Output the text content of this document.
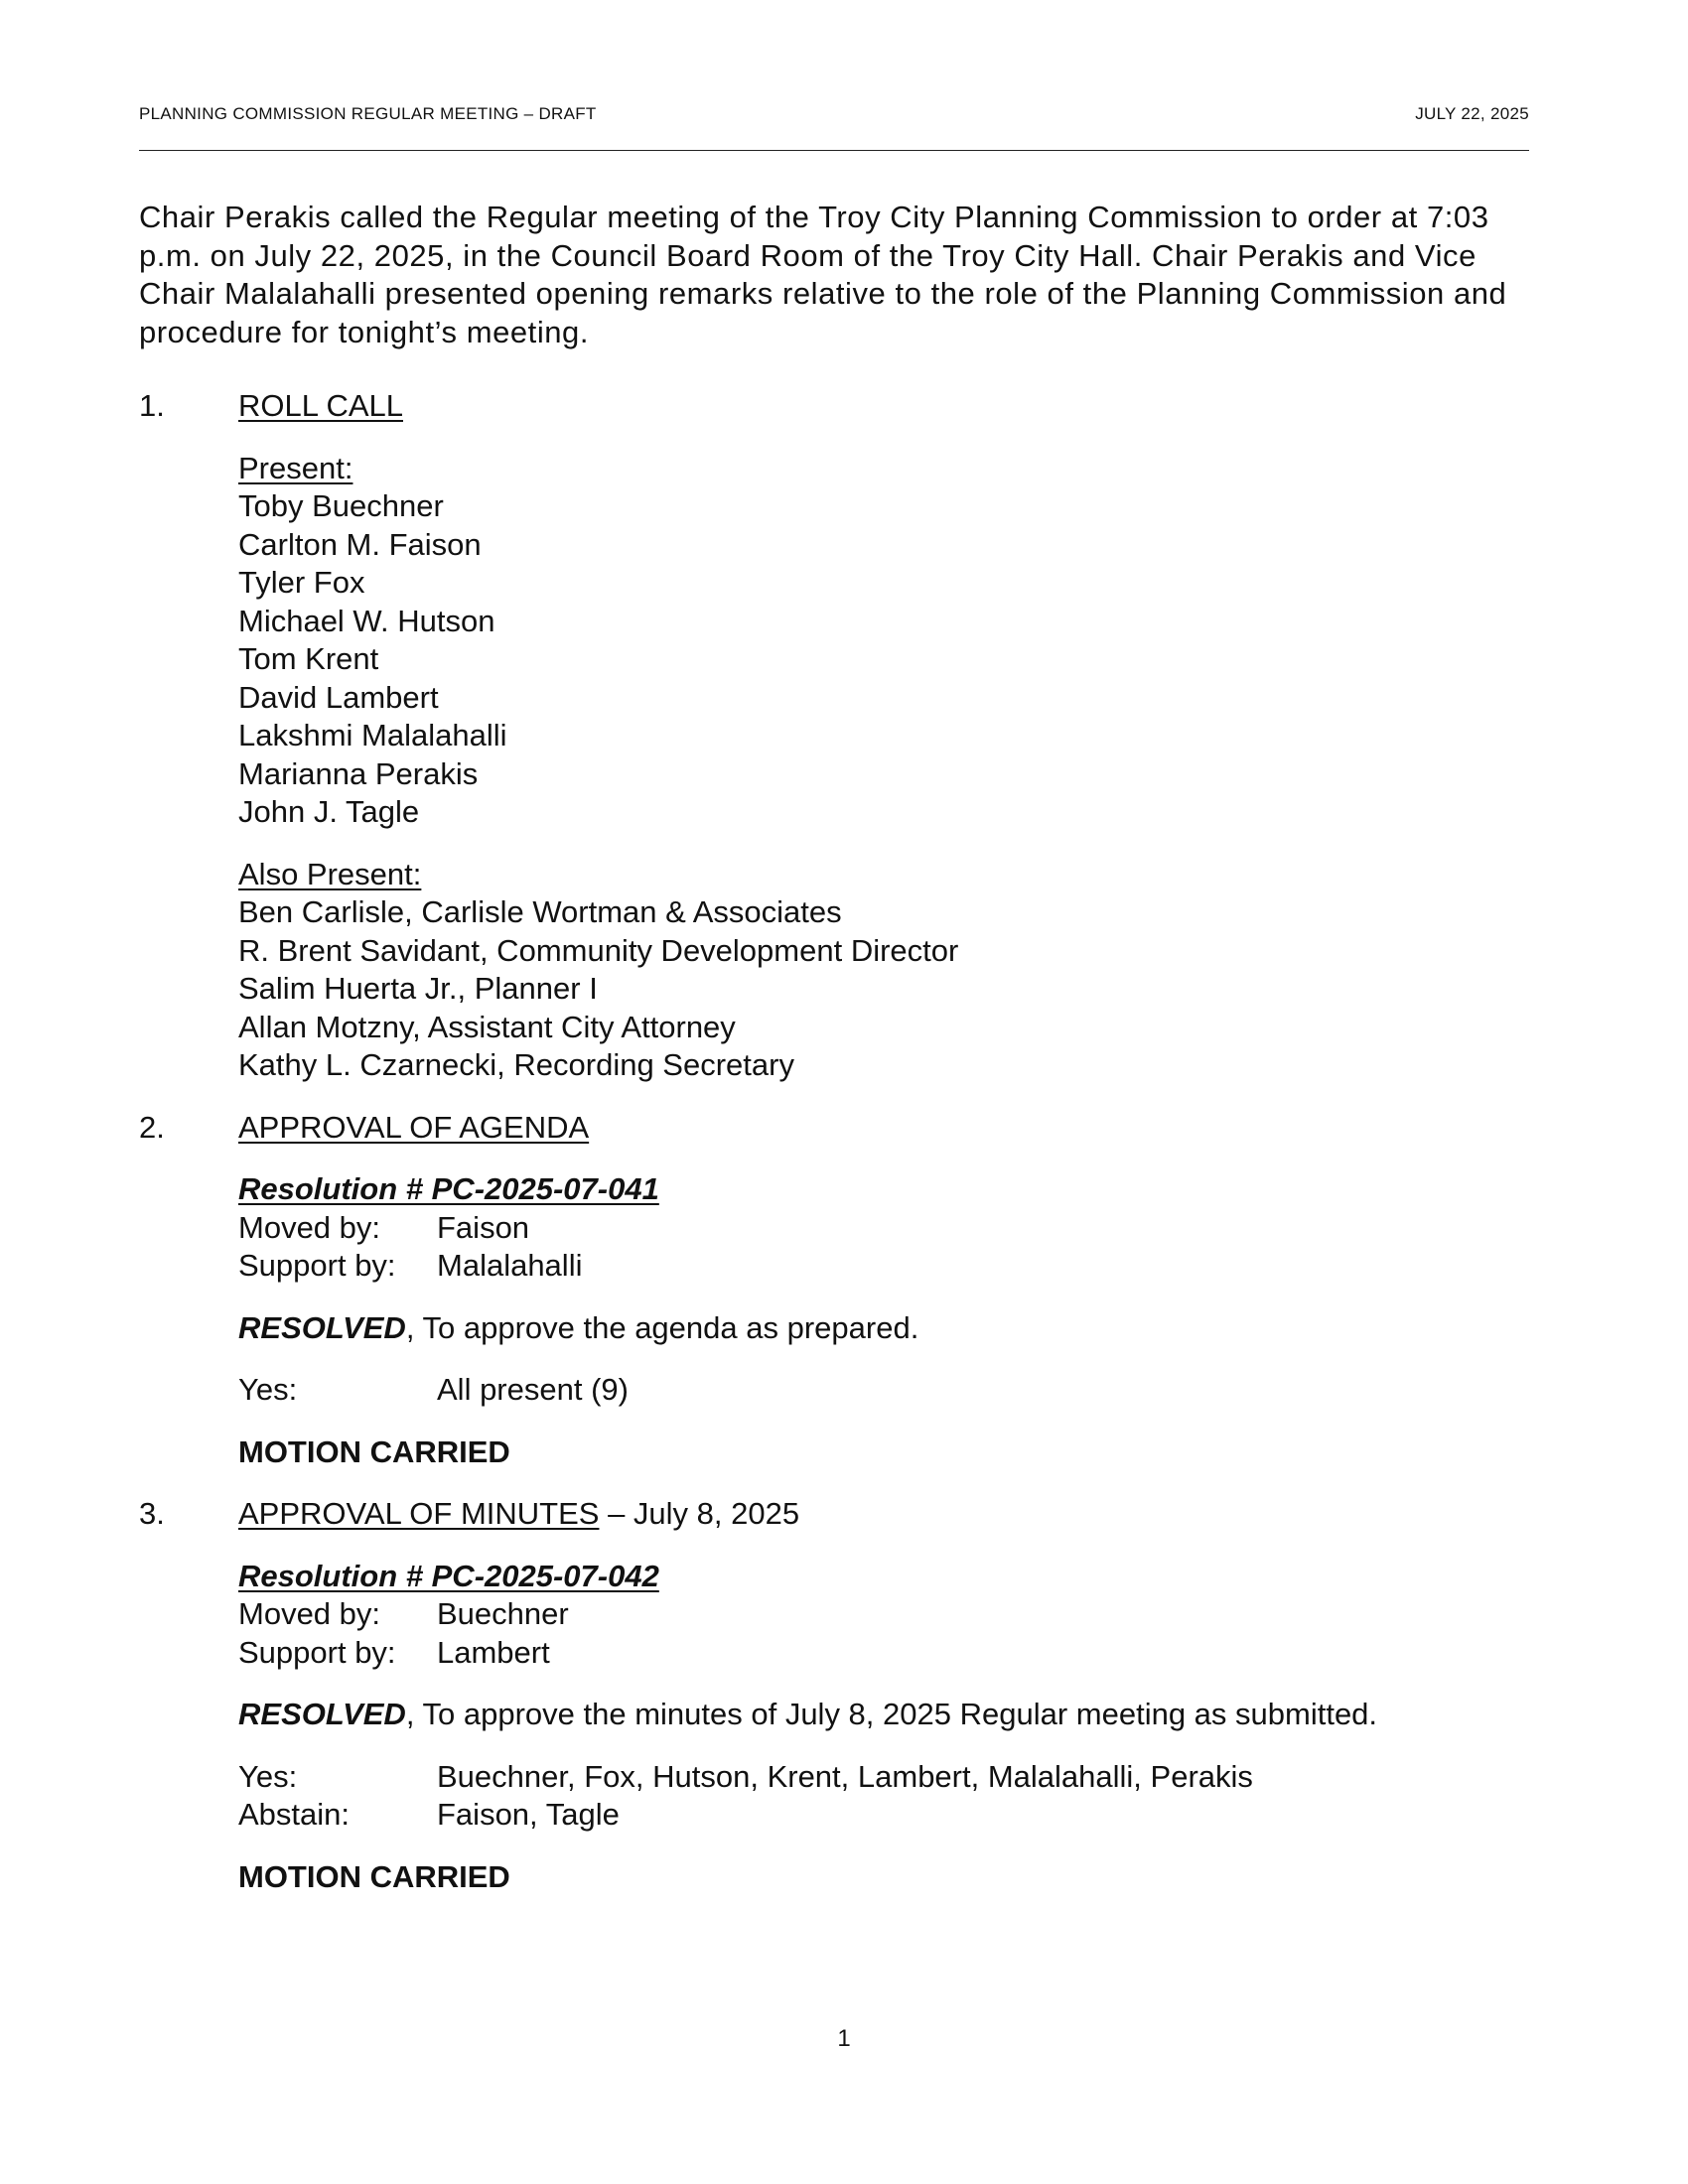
PLANNING COMMISSION REGULAR MEETING – DRAFT	JULY 22, 2025

Chair Perakis called the Regular meeting of the Troy City Planning Commission to order at 7:03 p.m. on July 22, 2025, in the Council Board Room of the Troy City Hall. Chair Perakis and Vice Chair Malalahalli presented opening remarks relative to the role of the Planning Commission and procedure for tonight’s meeting.

1. ROLL CALL
Present:
Toby Buechner
Carlton M. Faison
Tyler Fox
Michael W. Hutson
Tom Krent
David Lambert
Lakshmi Malalahalli
Marianna Perakis
John J. Tagle
Also Present:
Ben Carlisle, Carlisle Wortman & Associates
R. Brent Savidant, Community Development Director
Salim Huerta Jr., Planner I
Allan Motzny, Assistant City Attorney
Kathy L. Czarnecki, Recording Secretary
2. APPROVAL OF AGENDA
Resolution # PC-2025-07-041
Moved by:	Faison
Support by:	Malalahalli
RESOLVED, To approve the agenda as prepared.
Yes:	All present (9)
MOTION CARRIED
3. APPROVAL OF MINUTES – July 8, 2025
Resolution # PC-2025-07-042
Moved by:	Buechner
Support by:	Lambert
RESOLVED, To approve the minutes of July 8, 2025 Regular meeting as submitted.
Yes:	Buechner, Fox, Hutson, Krent, Lambert, Malalahalli, Perakis
Abstain:	Faison, Tagle
MOTION CARRIED
1
